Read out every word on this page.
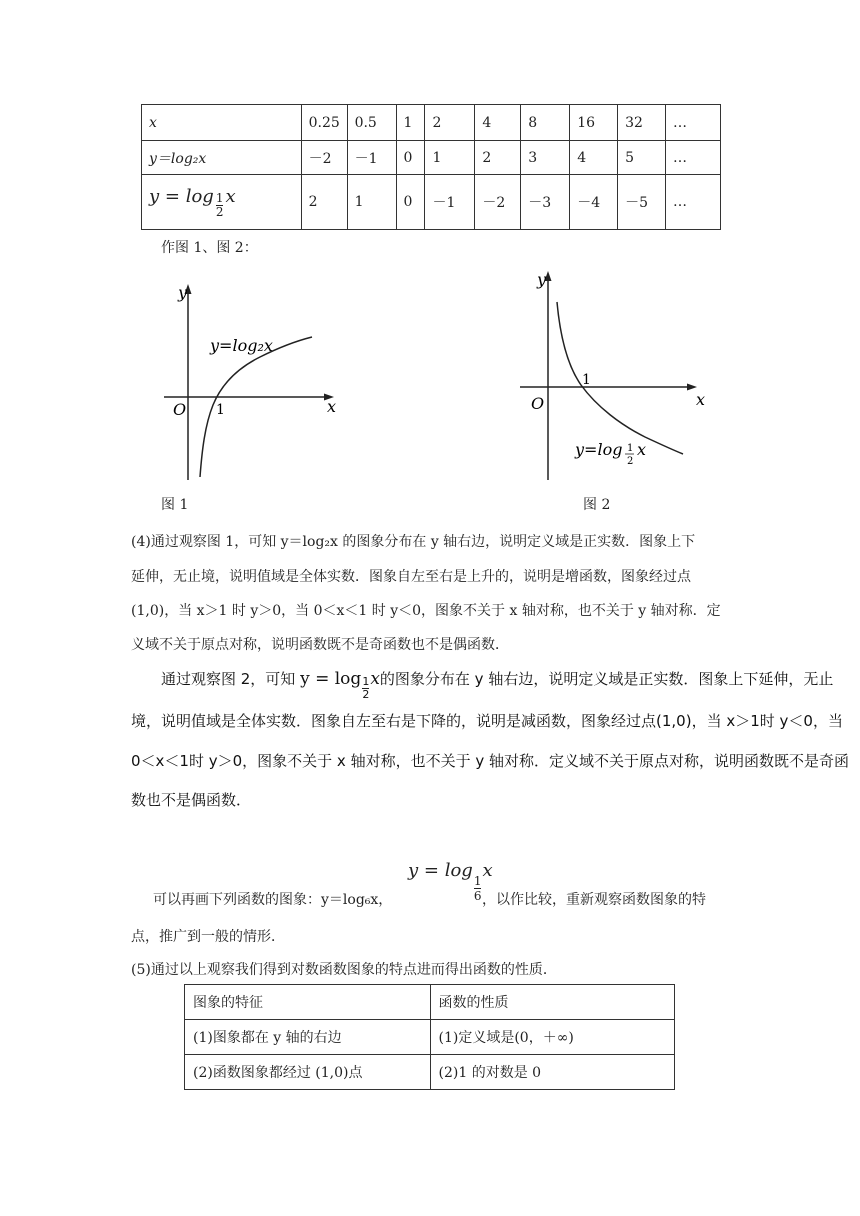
x	0.25	0.5	1	2	4	8	16	32	…
y＝log₂x	－2	－1	0	1	2	3	4	5	…
$y = \log \frac{1}{2}$ x	2	1	0	－1	－2	－3	－4	－5	…
作图 1、图 2：
y
x
O 1
y=log₂x
图 1
y
x
O
1
y=log 1
2
x
图 2
(4)通过观察图 1，可知 y＝log₂x 的图象分布在 y 轴右边，说明定义域是正实数．图象上下
延伸，无止境，说明值域是全体实数．图象自左至右是上升的，说明是增函数，图象经过点
(1,0)，当 x＞1 时 y＞0，当 0＜x＜1 时 y＜0，图象不关于 x 轴对称，也不关于 y 轴对称．定
义域不关于原点对称，说明函数既不是奇函数也不是偶函数．
通过观察图 2，可知 $y = \log \frac{1}{2}$ x的图象分布在 y 轴右边，说明定义域是正实数．图象上下延伸，无止
境，说明值域是全体实数．图象自左至右是下降的，说明是减函数，图象经过点(1,0)，当 x＞1时 y＜0，当
0＜x＜1时 y＞0，图象不关于 x 轴对称，也不关于 y 轴对称．定义域不关于原点对称，说明函数既不是奇函
数也不是偶函数．
y = log
$\frac{1}{6}$
x
可以再画下列函数的图象：y＝log₆x，	，以作比较，重新观察函数图象的特
点，推广到一般的情形．
(5)通过以上观察我们得到对数函数图象的特点进而得出函数的性质．
图象的特征	函数的性质
(1)图象都在 y 轴的右边	(1)定义域是(0，＋∞)
(2)函数图象都经过 (1,0)点	(2)1 的对数是 0
